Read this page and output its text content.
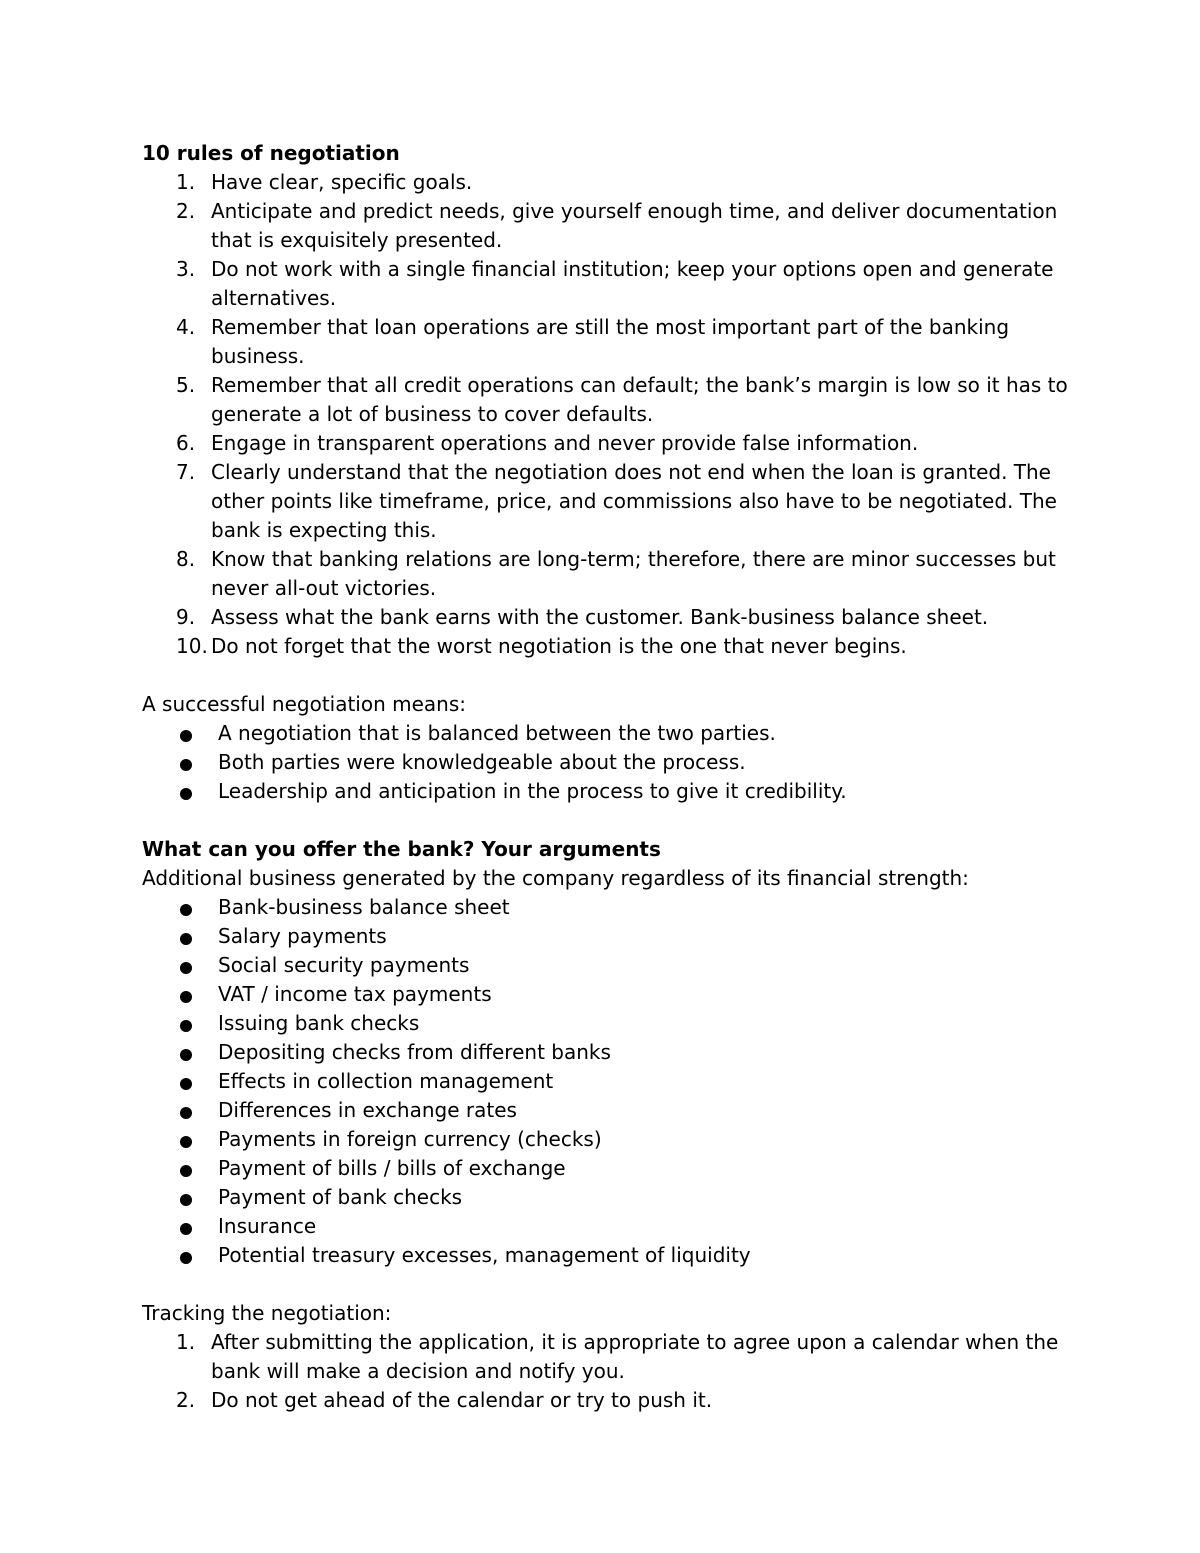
10 rules of negotiation

1. Have clear, specific goals.
2. Anticipate and predict needs, give yourself enough time, and deliver documentation that is exquisitely presented.
3. Do not work with a single financial institution; keep your options open and generate alternatives.
4. Remember that loan operations are still the most important part of the banking business.
5. Remember that all credit operations can default; the bank’s margin is low so it has to generate a lot of business to cover defaults.
6. Engage in transparent operations and never provide false information.
7. Clearly understand that the negotiation does not end when the loan is granted. The other points like timeframe, price, and commissions also have to be negotiated. The bank is expecting this.
8. Know that banking relations are long-term; therefore, there are minor successes but never all-out victories.
9. Assess what the bank earns with the customer. Bank-business balance sheet.
10. Do not forget that the worst negotiation is the one that never begins.

A successful negotiation means:

A negotiation that is balanced between the two parties.
Both parties were knowledgeable about the process.
Leadership and anticipation in the process to give it credibility.

What can you offer the bank? Your arguments

Additional business generated by the company regardless of its financial strength:

Bank-business balance sheet
Salary payments
Social security payments
VAT / income tax payments
Issuing bank checks
Depositing checks from different banks
Effects in collection management
Differences in exchange rates
Payments in foreign currency (checks)
Payment of bills / bills of exchange
Payment of bank checks
Insurance
Potential treasury excesses, management of liquidity

Tracking the negotiation:

1. After submitting the application, it is appropriate to agree upon a calendar when the bank will make a decision and notify you.
2. Do not get ahead of the calendar or try to push it.
